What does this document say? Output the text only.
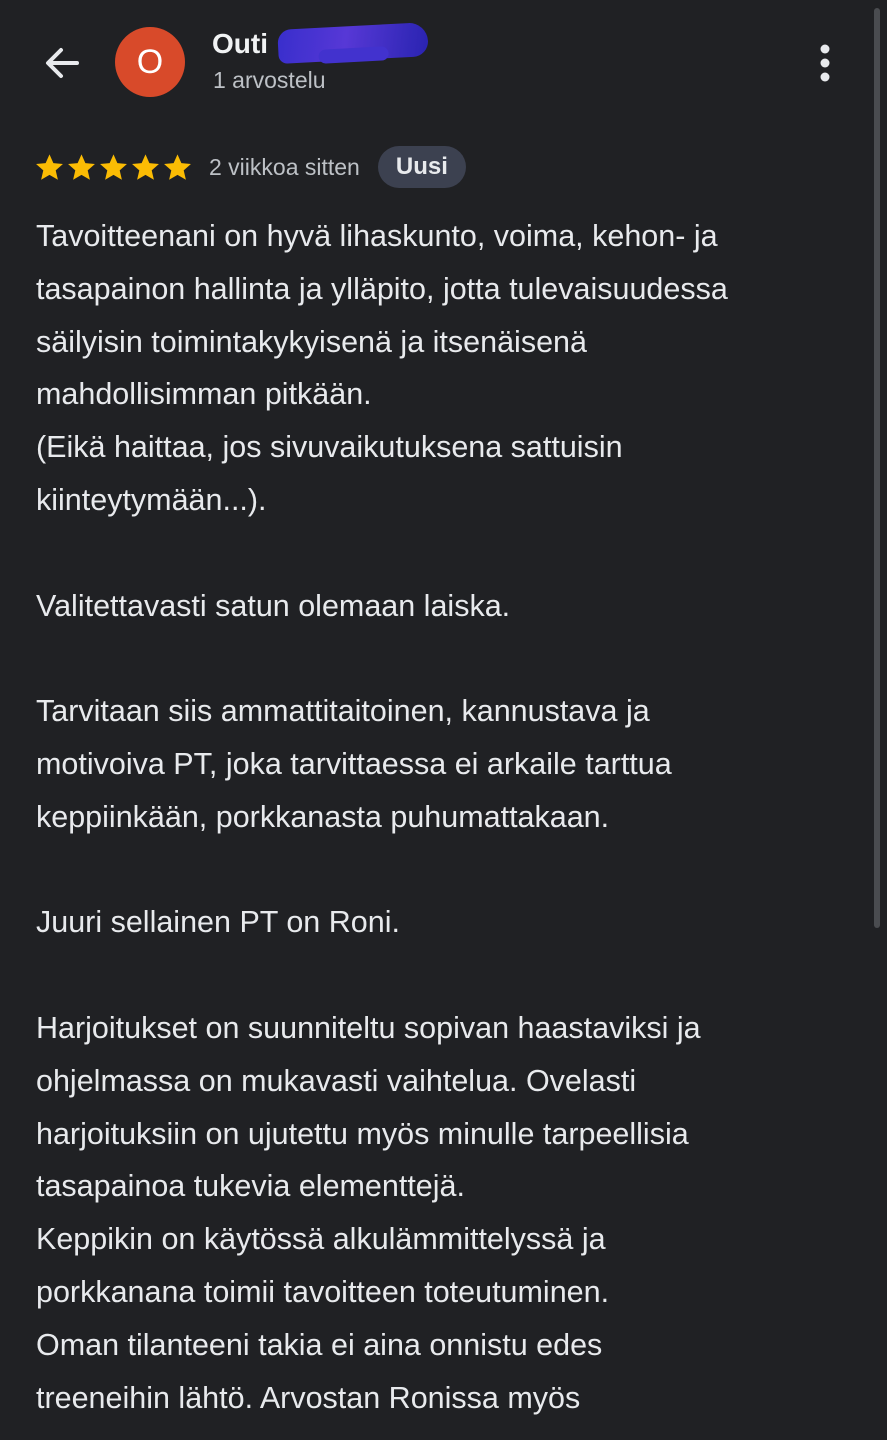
O Outi
1 arvostelu
2 viikkoa sitten	Uusi

Tavoitteenani on hyvä lihaskunto, voima, kehon- ja
tasapainon hallinta ja ylläpito, jotta tulevaisuudessa
säilyisin toimintakykyisenä ja itsenäisenä
mahdollisimman pitkään.
(Eikä haittaa, jos sivuvaikutuksena sattuisin
kiinteytymään...).

Valitettavasti satun olemaan laiska.

Tarvitaan siis ammattitaitoinen, kannustava ja
motivoiva PT, joka tarvittaessa ei arkaile tarttua
keppiinkään, porkkanasta puhumattakaan.

Juuri sellainen PT on Roni.

Harjoitukset on suunniteltu sopivan haastaviksi ja
ohjelmassa on mukavasti vaihtelua. Ovelasti
harjoituksiin on ujutettu myös minulle tarpeellisia
tasapainoa tukevia elementtejä.
Keppikin on käytössä alkulämmittelyssä ja
porkkanana toimii tavoitteen toteutuminen.
Oman tilanteeni takia ei aina onnistu edes
treeneihin lähtö. Arvostan Ronissa myös
